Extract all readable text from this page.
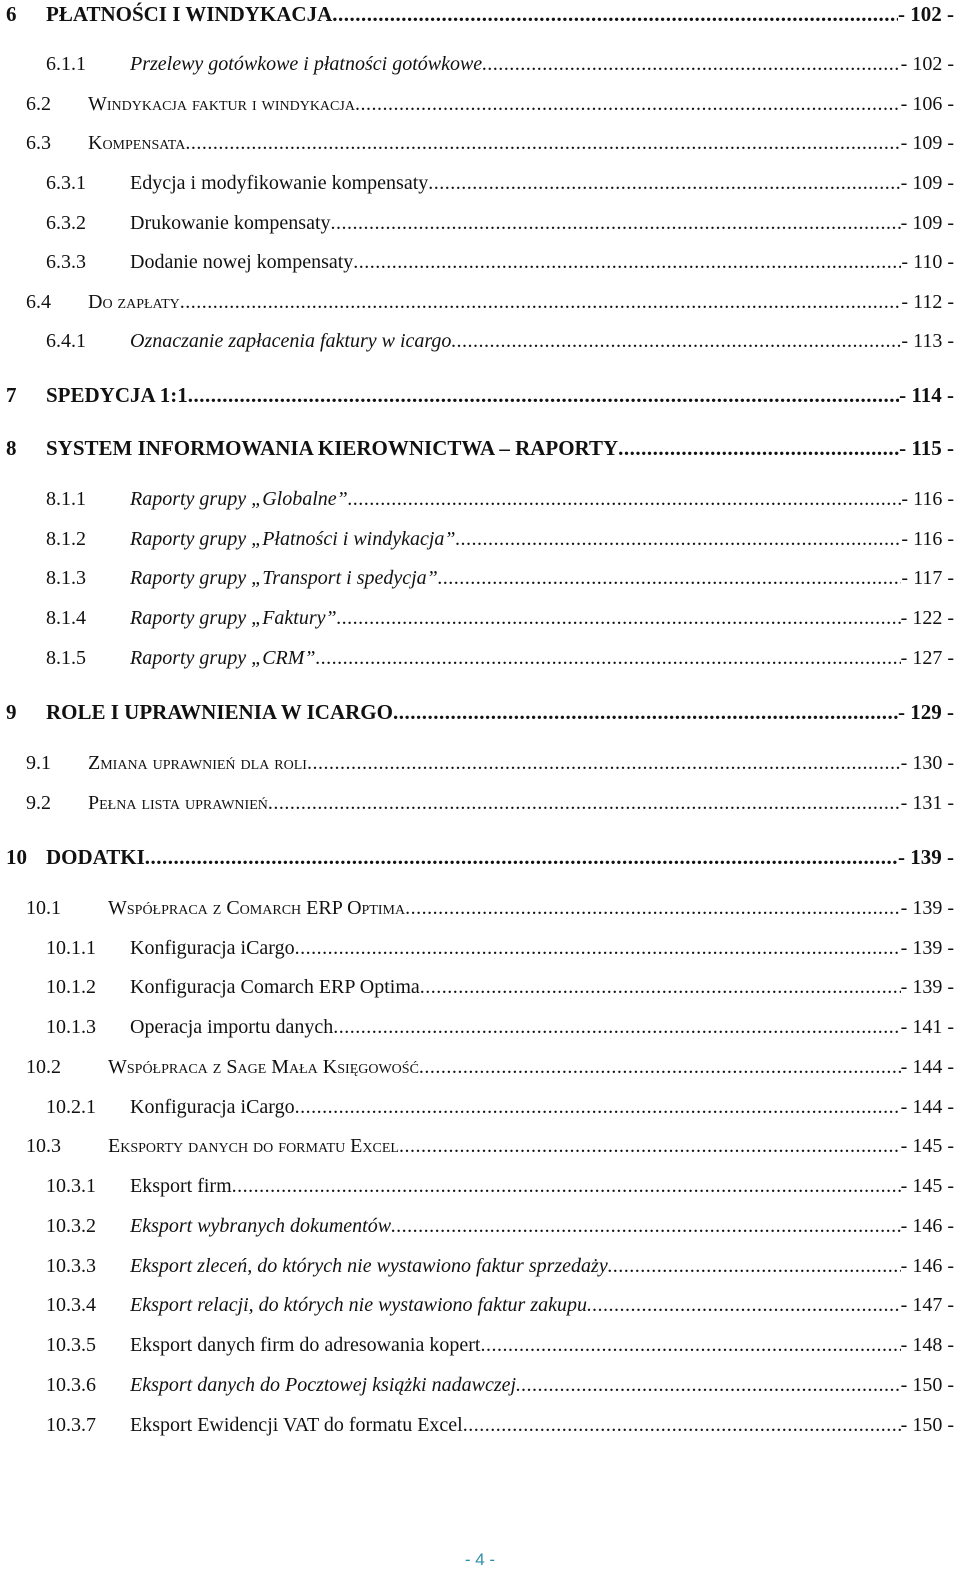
6 PŁATNOŚCI I WINDYKACJA .....	- 102 -
6.1.1 Przelewy gotówkowe i płatności gotówkowe .....	- 102 -
6.2 Windykacja faktur i windykacja .....	- 106 -
6.3 Kompensata .....	- 109 -
6.3.1 Edycja i modyfikowanie kompensaty .....	- 109 -
6.3.2 Drukowanie kompensaty .....	- 109 -
6.3.3 Dodanie nowej kompensaty .....	- 110 -
6.4 Do zapłaty .....	- 112 -
6.4.1 Oznaczanie zapłacenia faktury w icargo .....	- 113 -
7 SPEDYCJA 1:1 .....	- 114 -
8 SYSTEM INFORMOWANIA KIEROWNICTWA – RAPORTY .....	- 115 -
8.1.1 Raporty grupy „Globalne” .....	- 116 -
8.1.2 Raporty grupy „Płatności i windykacja” .....	- 116 -
8.1.3 Raporty grupy „Transport i spedycja” .....	- 117 -
8.1.4 Raporty grupy „Faktury” .....	- 122 -
8.1.5 Raporty grupy „CRM” .....	- 127 -
9 ROLE I UPRAWNIENIA W ICARGO .....	- 129 -
9.1 Zmiana uprawnień dla roli .....	- 130 -
9.2 Pełna lista uprawnień .....	- 131 -
10 DODATKI .....	- 139 -
10.1 Współpraca z Comarch ERP Optima .....	- 139 -
10.1.1 Konfiguracja iCargo .....	- 139 -
10.1.2 Konfiguracja Comarch ERP Optima .....	- 139 -
10.1.3 Operacja importu danych .....	- 141 -
10.2 Współpraca z Sage Mała Księgowość .....	- 144 -
10.2.1 Konfiguracja iCargo .....	- 144 -
10.3 Eksporty danych do formatu Excel .....	- 145 -
10.3.1 Eksport firm .....	- 145 -
10.3.2 Eksport wybranych dokumentów .....	- 146 -
10.3.3 Eksport zleceń, do których nie wystawiono faktur sprzedaży .....	- 146 -
10.3.4 Eksport relacji, do których nie wystawiono faktur zakupu .....	- 147 -
10.3.5 Eksport danych firm do adresowania kopert .....	- 148 -
10.3.6 Eksport danych do Pocztowej książki nadawczej .....	- 150 -
10.3.7 Eksport Ewidencji VAT do formatu Excel .....	- 150 -
- 4 -
